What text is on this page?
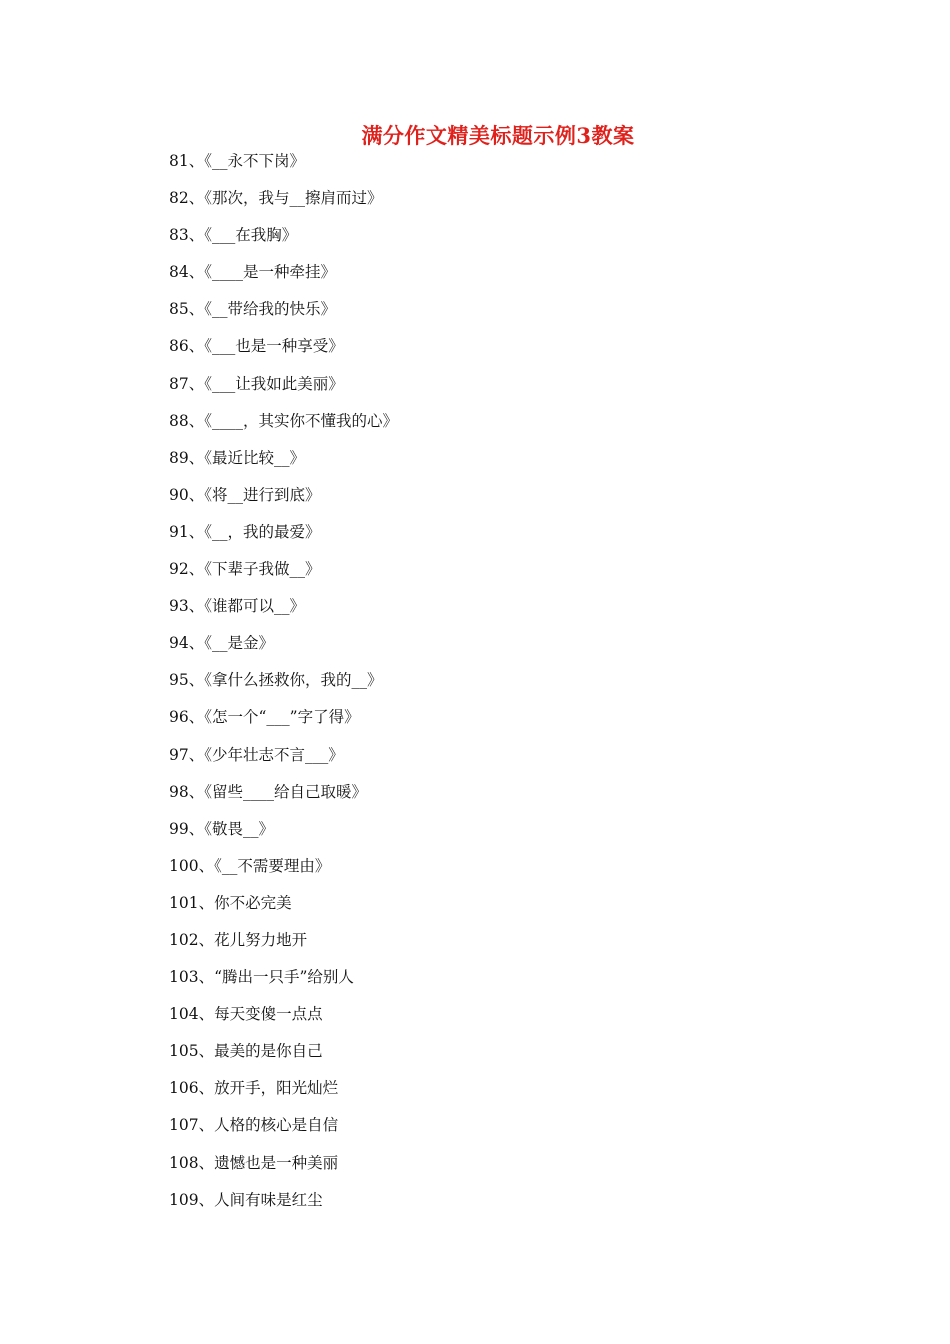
满分作文精美标题示例3教案
81、《__永不下岗》
82、《那次，我与__擦肩而过》
83、《___在我胸》
84、《____是一种牵挂》
85、《__带给我的快乐》
86、《___也是一种享受》
87、《___让我如此美丽》
88、《____，其实你不懂我的心》
89、《最近比较__》
90、《将__进行到底》
91、《__，我的最爱》
92、《下辈子我做__》
93、《谁都可以__》
94、《__是金》
95、《拿什么拯救你，我的__》
96、《怎一个“___”字了得》
97、《少年壮志不言___》
98、《留些____给自己取暖》
99、《敬畏__》
100、《__不需要理由》
101、你不必完美
102、花儿努力地开
103、“腾出一只手”给别人
104、每天变傻一点点
105、最美的是你自己
106、放开手，阳光灿烂
107、人格的核心是自信
108、遗憾也是一种美丽
109、人间有味是红尘
